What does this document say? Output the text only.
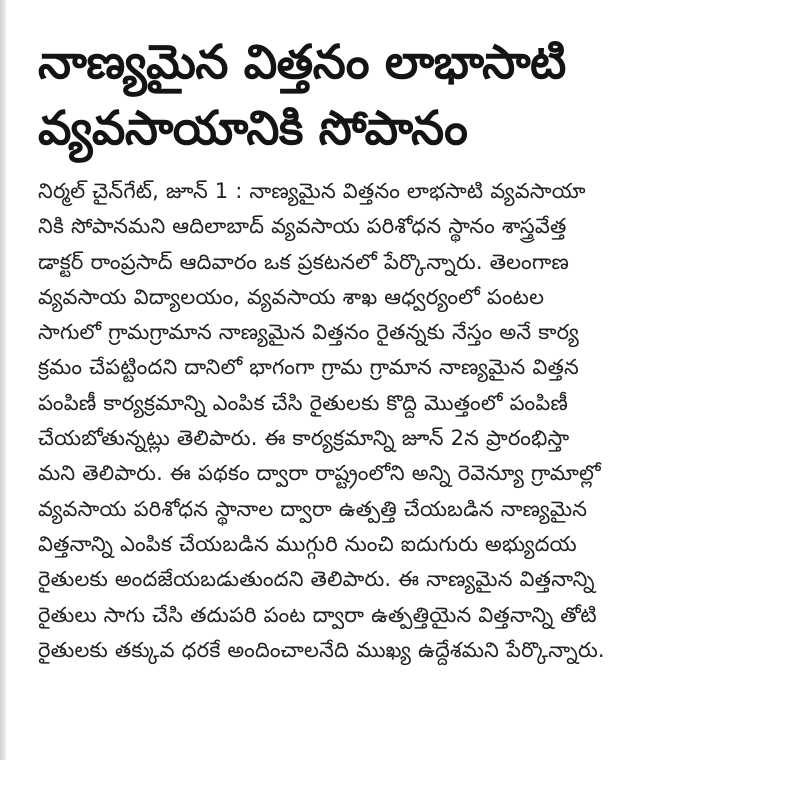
నాణ్యమైన విత్తనం లాభాసాటి
వ్యవసాయానికి సోపానం
నిర్మల్ చైన్‌గేట్, జూన్ 1 : నాణ్యమైన విత్తనం లాభసాటి వ్యవసాయా
నికి సోపానమని ఆదిలాబాద్ వ్యవసాయ పరిశోధన స్థానం శాస్త్రవేత్త
డాక్టర్ రాంప్రసాద్ ఆదివారం ఒక ప్రకటనలో పేర్కొన్నారు. తెలంగాణ
వ్యవసాయ విద్యాలయం, వ్యవసాయ శాఖ ఆధ్వర్యంలో పంటల
సాగులో గ్రామగ్రామాన నాణ్యమైన విత్తనం రైతన్నకు నేస్తం అనే కార్య
క్రమం చేపట్టిందని దానిలో భాగంగా గ్రామ గ్రామాన నాణ్యమైన విత్తన
పంపిణీ కార్యక్రమాన్ని ఎంపిక చేసి రైతులకు కొద్ది మొత్తంలో పంపిణీ
చేయబోతున్నట్లు తెలిపారు. ఈ కార్యక్రమాన్ని జూన్ 2న ప్రారంభిస్తా
మని తెలిపారు. ఈ పథకం ద్వారా రాష్ట్రంలోని అన్ని రెవెన్యూ గ్రామాల్లో
వ్యవసాయ పరిశోధన స్థానాల ద్వారా ఉత్పత్తి చేయబడిన నాణ్యమైన
విత్తనాన్ని ఎంపిక చేయబడిన ముగ్గురి నుంచి ఐదుగురు అభ్యుదయ
రైతులకు అందజేయబడుతుందని తెలిపారు. ఈ నాణ్యమైన విత్తనాన్ని
రైతులు సాగు చేసి తదుపరి పంట ద్వారా ఉత్పత్తియైన విత్తనాన్ని తోటి
రైతులకు తక్కువ ధరకే అందించాలనేది ముఖ్య ఉద్దేశమని పేర్కొన్నారు.
